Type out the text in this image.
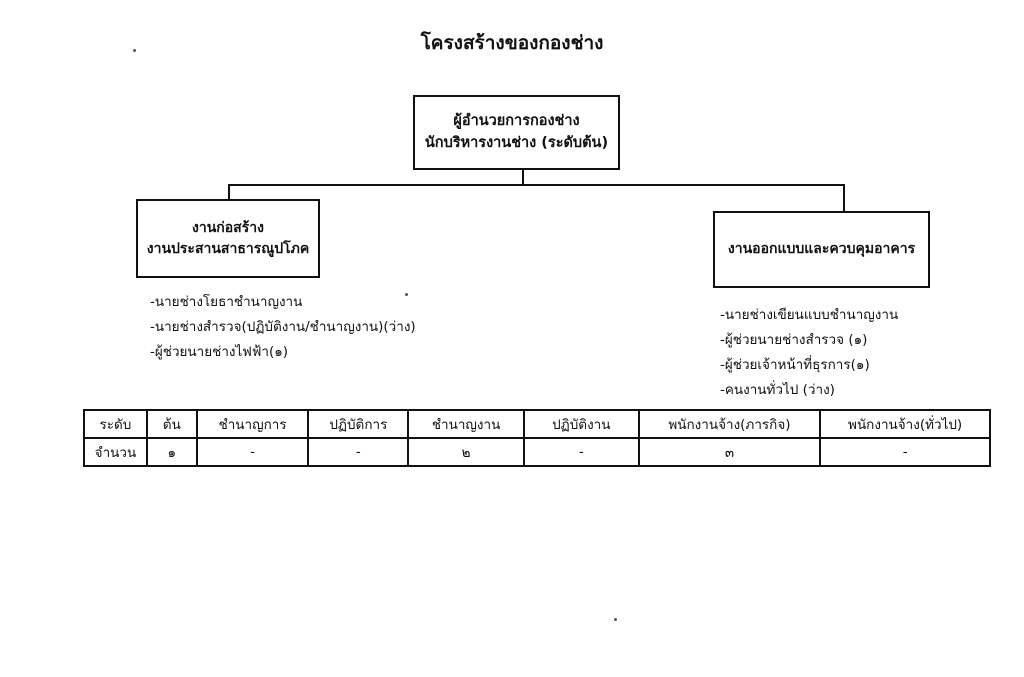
โครงสร้างของกองช่าง
ผู้อำนวยการกองช่าง
นักบริหารงานช่าง (ระดับต้น)
งานก่อสร้าง
งานประสานสาธารณูปโภค	งานออกแบบและควบคุมอาคาร
-นายช่างโยธาชำนาญงาน
-นายช่างสำรวจ(ปฏิบัติงาน/ชำนาญงาน)(ว่าง)
-ผู้ช่วยนายช่างไฟฟ้า(๑)
-นายช่างเขียนแบบชำนาญงาน
-ผู้ช่วยนายช่างสำรวจ (๑)
-ผู้ช่วยเจ้าหน้าที่ธุรการ(๑)
-คนงานทั่วไป (ว่าง)
ระดับ	ต้น	ชำนาญการ	ปฏิบัติการ	ชำนาญงาน	ปฏิบัติงาน	พนักงานจ้าง(ภารกิจ)	พนักงานจ้าง(ทั่วไป)
จำนวน	๑	-	-	๒	-	๓	-
